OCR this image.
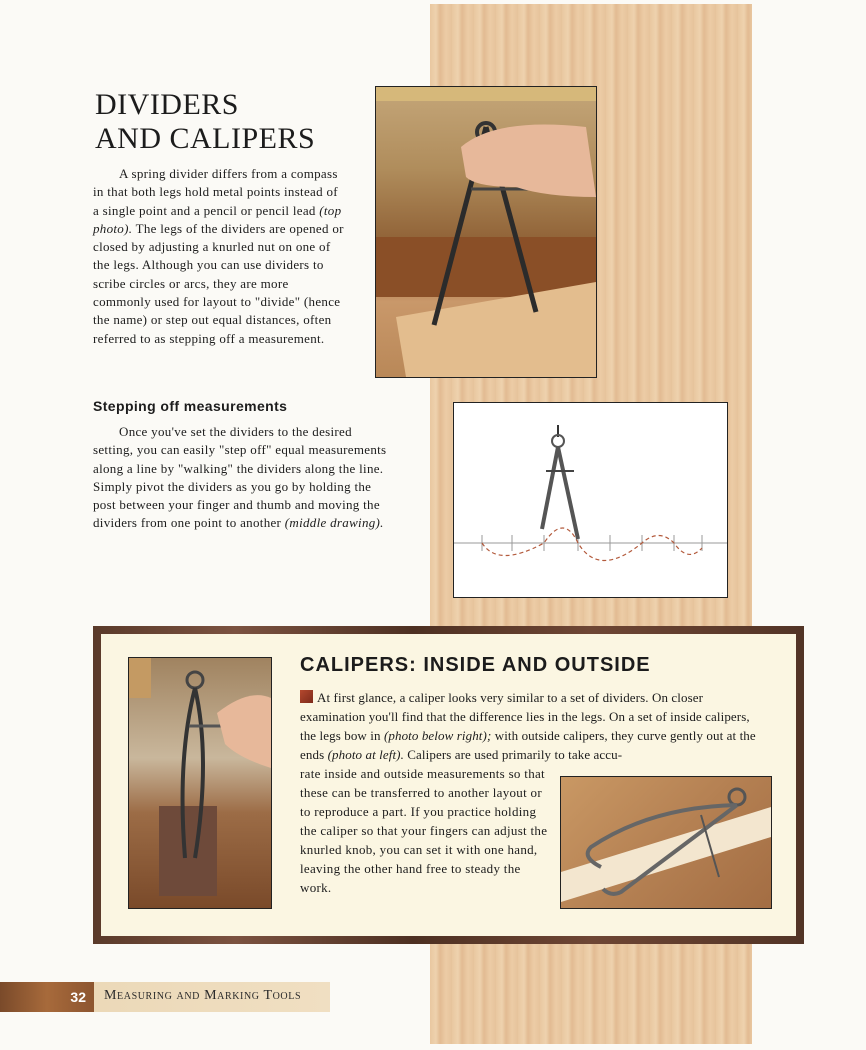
DIVIDERS
AND CALIPERS

A spring divider differs from a compass in that both legs hold metal points instead of a single point and a pencil or pencil lead (top photo). The legs of the dividers are opened or closed by adjusting a knurled nut on one of the legs. Although you can use dividers to scribe circles or arcs, they are more commonly used for layout to "divide" (hence the name) or step out equal distances, often referred to as stepping off a measurement.

Stepping off measurements

Once you've set the dividers to the desired setting, you can easily "step off" equal measurements along a line by "walking" the dividers along the line. Simply pivot the dividers as you go by holding the post between your finger and thumb and moving the dividers from one point to another (middle drawing).

CALIPERS: INSIDE AND OUTSIDE

At first glance, a caliper looks very similar to a set of dividers. On closer examination you'll find that the difference lies in the legs. On a set of inside calipers, the legs bow in (photo below right); with outside calipers, they curve gently out at the ends (photo at left). Calipers are used primarily to take accu-

rate inside and outside measurements so that these can be transferred to another layout or to reproduce a part. If you practice holding the caliper so that your fingers can adjust the knurled knob, you can set it with one hand, leaving the other hand free to steady the work.

32	Measuring and Marking Tools
